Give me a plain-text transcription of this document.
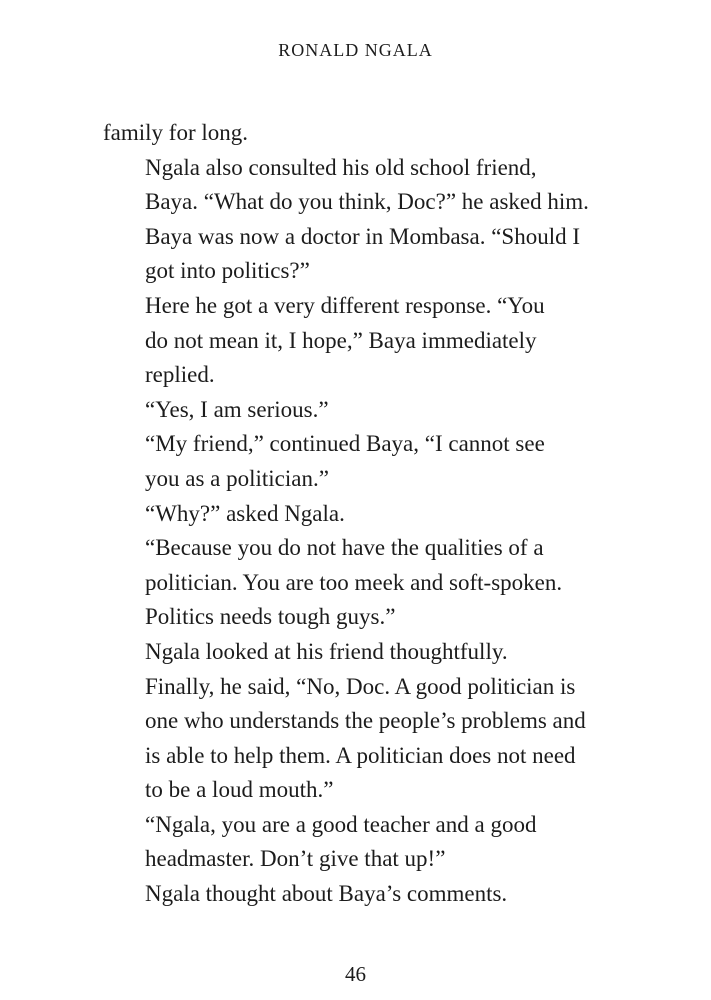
RONALD NGALA

family for long.

Ngala also consulted his old school friend,
Baya. “What do you think, Doc?” he asked him.
Baya was now a doctor in Mombasa. “Should I
got into politics?”

Here he got a very different response. “You
do not mean it, I hope,” Baya immediately
replied.

“Yes, I am serious.”

“My friend,” continued Baya, “I cannot see
you as a politician.”

“Why?” asked Ngala.

“Because you do not have the qualities of a
politician. You are too meek and soft-spoken.
Politics needs tough guys.”

Ngala looked at his friend thoughtfully.
Finally, he said, “No, Doc. A good politician is
one who understands the people’s problems and
is able to help them. A politician does not need
to be a loud mouth.”

“Ngala, you are a good teacher and a good
headmaster. Don’t give that up!”

Ngala thought about Baya’s comments.

46
